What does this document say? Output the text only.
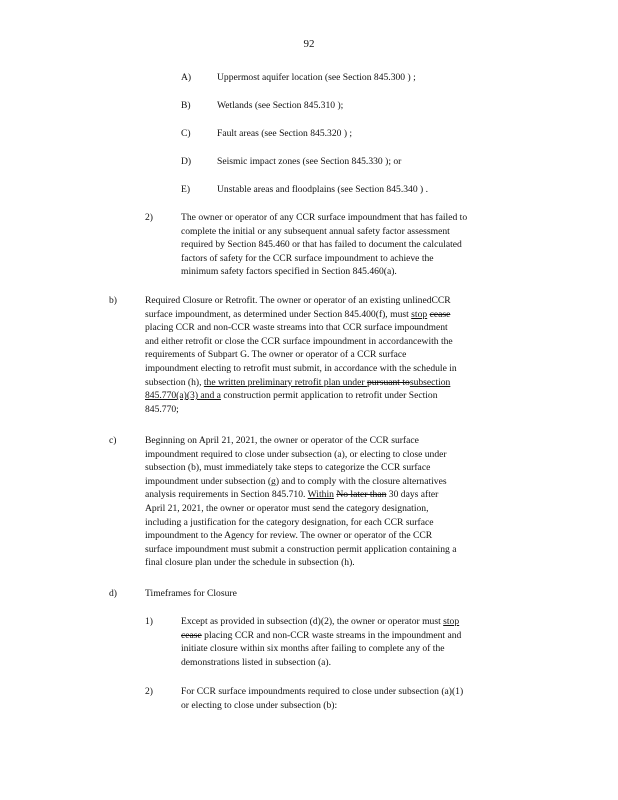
92
A)	Uppermost aquifer location (see Section 845.300 ) ;
B)	Wetlands (see Section 845.310 );
C)	Fault areas (see Section 845.320 ) ;
D)	Seismic impact zones (see Section 845.330 ); or
E)	Unstable areas and floodplains (see Section 845.340 ) .
2)	The owner or operator of any CCR surface impoundment that has failed to
complete the initial or any subsequent annual safety factor assessment
required by Section 845.460 or that has failed to document the calculated
factors of safety for the CCR surface impoundment to achieve the
minimum safety factors specified in Section 845.460(a).
b)	Required Closure or Retrofit. The owner or operator of an existing unlinedCCR
surface impoundment, as determined under Section 845.400(f), must stop cease
placing CCR and non-CCR waste streams into that CCR surface impoundment
and either retrofit or close the CCR surface impoundment in accordancewith the
requirements of Subpart G. The owner or operator of a CCR surface
impoundment electing to retrofit must submit, in accordance with the schedule in
subsection (h), the written preliminary retrofit plan under pursuant tosubsection
845.770(a)(3) and a construction permit application to retrofit under Section
845.770;
c)	Beginning on April 21, 2021, the owner or operator of the CCR surface
impoundment required to close under subsection (a), or electing to close under
subsection (b), must immediately take steps to categorize the CCR surface
impoundment under subsection (g) and to comply with the closure alternatives
analysis requirements in Section 845.710. Within No later than 30 days after
April 21, 2021, the owner or operator must send the category designation,
including a justification for the category designation, for each CCR surface
impoundment to the Agency for review. The owner or operator of the CCR
surface impoundment must submit a construction permit application containing a
final closure plan under the schedule in subsection (h).
d)	Timeframes for Closure
1)	Except as provided in subsection (d)(2), the owner or operator must stop
cease placing CCR and non-CCR waste streams in the impoundment and
initiate closure within six months after failing to complete any of the
demonstrations listed in subsection (a).
2)	For CCR surface impoundments required to close under subsection (a)(1)
or electing to close under subsection (b):
